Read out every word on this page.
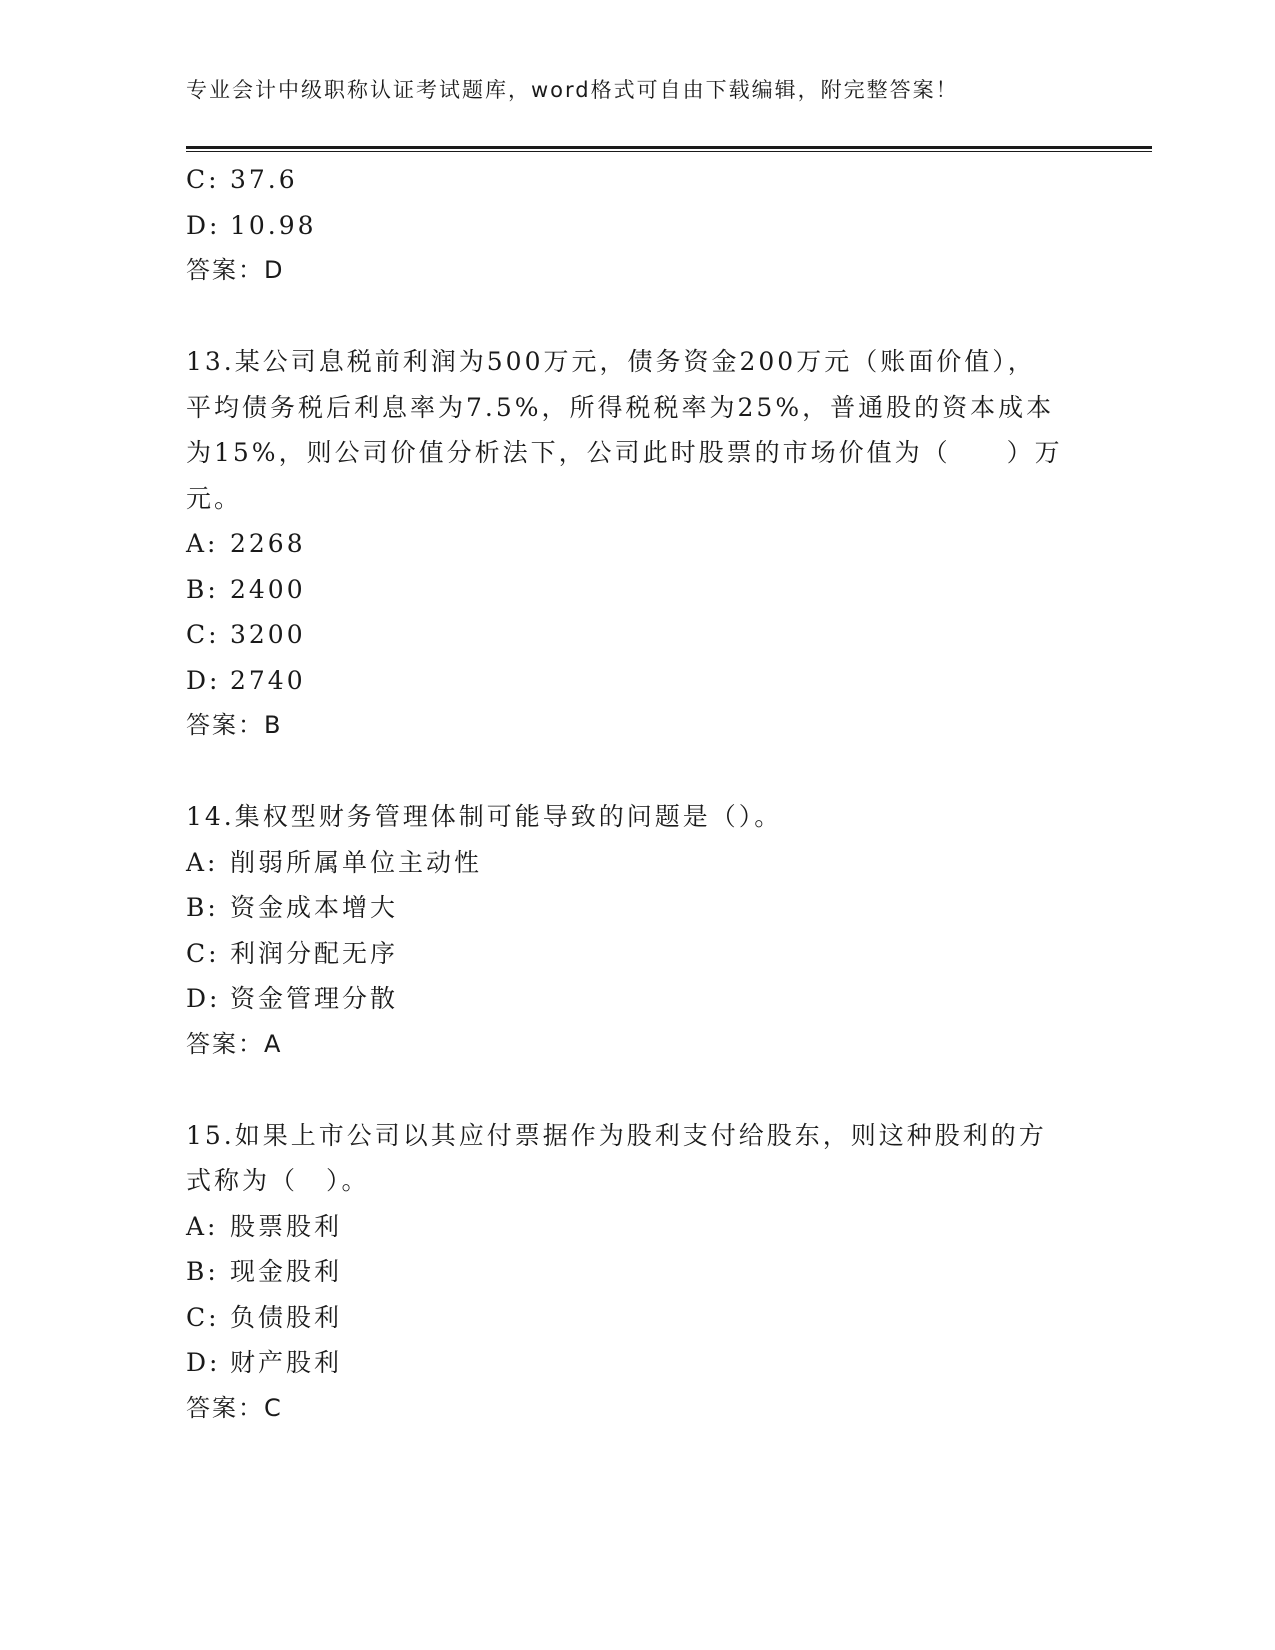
专业会计中级职称认证考试题库，word格式可自由下载编辑，附完整答案！
C: 37.6
D: 10.98
答案：D
13.某公司息税前利润为500万元，债务资金200万元（账面价值），
平均债务税后利息率为7.5%，所得税税率为25%，普通股的资本成本
为15%，则公司价值分析法下，公司此时股票的市场价值为（　　）万
元。
A: 2268
B: 2400
C: 3200
D: 2740
答案：B
14.集权型财务管理体制可能导致的问题是（）。
A: 削弱所属单位主动性
B: 资金成本增大
C: 利润分配无序
D: 资金管理分散
答案：A
15.如果上市公司以其应付票据作为股利支付给股东，则这种股利的方
式称为（　）。
A: 股票股利
B: 现金股利
C: 负债股利
D: 财产股利
答案：C
